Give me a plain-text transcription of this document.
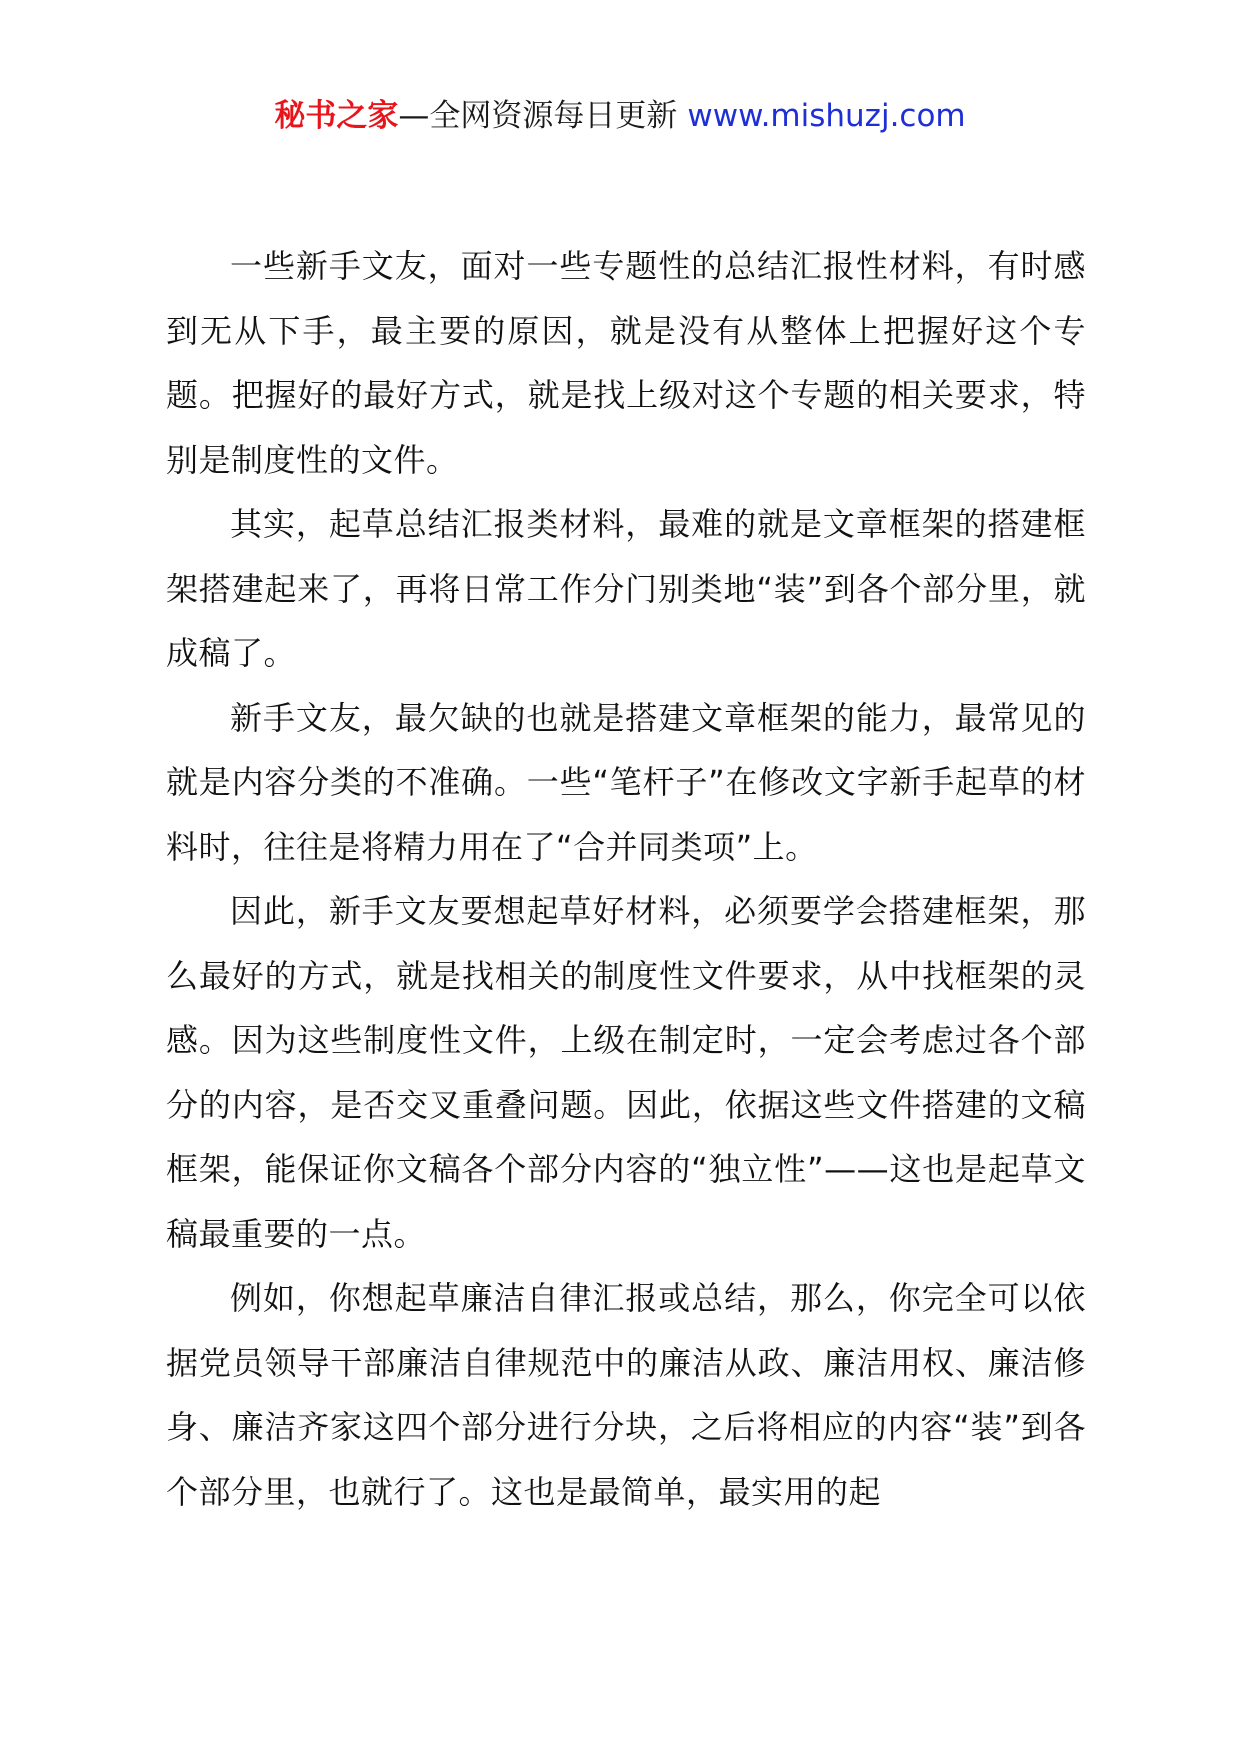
秘书之家—全网资源每日更新 www.mishuzj.com

一些新手文友，面对一些专题性的总结汇报性材料，有时感到无从下手，最主要的原因，就是没有从整体上把握好这个专题。把握好的最好方式，就是找上级对这个专题的相关要求，特别是制度性的文件。

其实，起草总结汇报类材料，最难的就是文章框架的搭建框架搭建起来了，再将日常工作分门别类地“装”到各个部分里，就成稿了。

新手文友，最欠缺的也就是搭建文章框架的能力，最常见的就是内容分类的不准确。一些“笔杆子”在修改文字新手起草的材料时，往往是将精力用在了“合并同类项”上。

因此，新手文友要想起草好材料，必须要学会搭建框架，那么最好的方式，就是找相关的制度性文件要求，从中找框架的灵感。因为这些制度性文件，上级在制定时，一定会考虑过各个部分的内容，是否交叉重叠问题。因此，依据这些文件搭建的文稿框架，能保证你文稿各个部分内容的“独立性”——这也是起草文稿最重要的一点。

例如，你想起草廉洁自律汇报或总结，那么，你完全可以依据党员领导干部廉洁自律规范中的廉洁从政、廉洁用权、廉洁修身、廉洁齐家这四个部分进行分块，之后将相应的内容“装”到各个部分里，也就行了。这也是最简单，最实用的起
